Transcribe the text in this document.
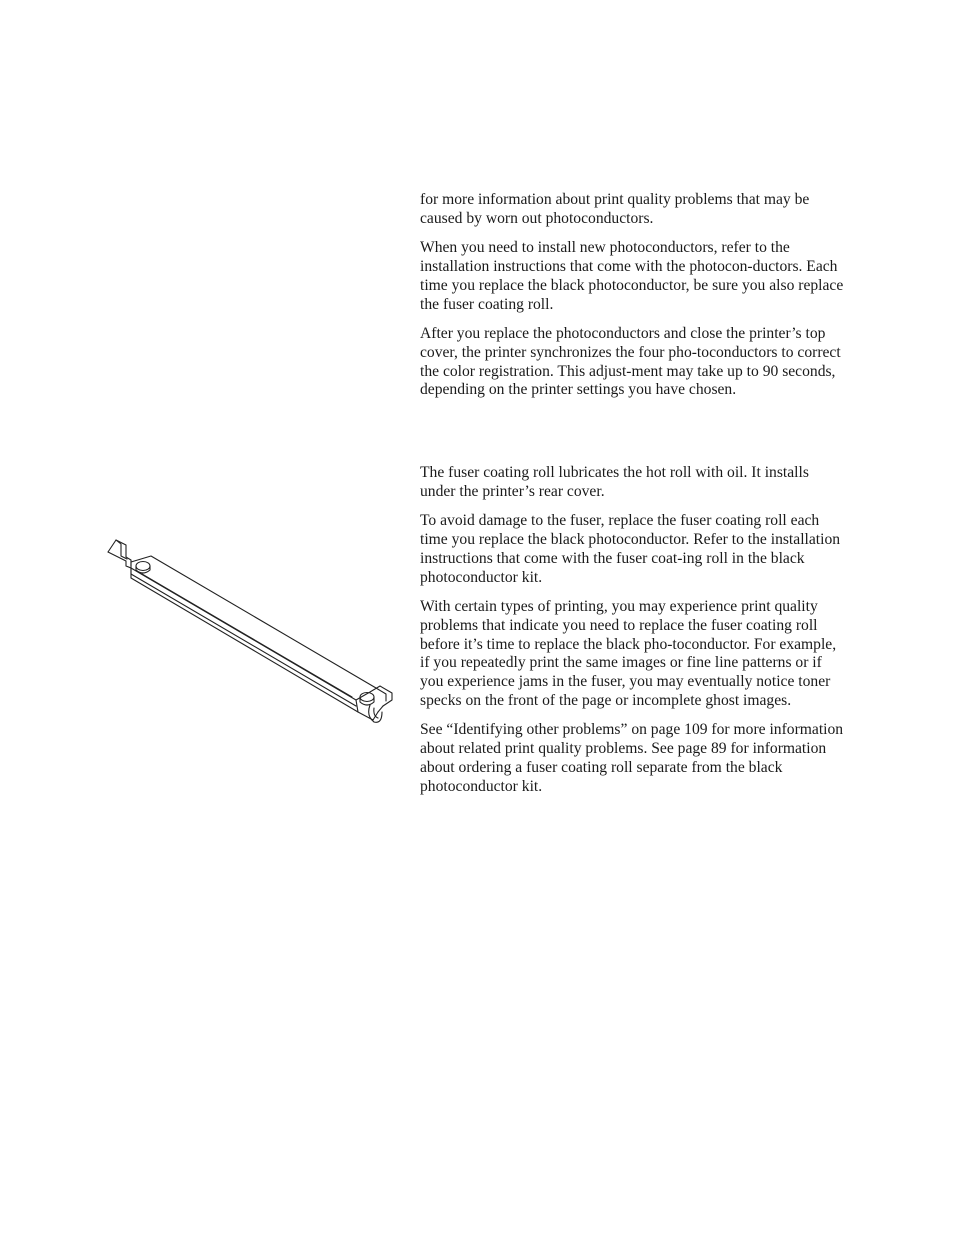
for more information about print quality problems that may be caused by worn out photoconductors.

When you need to install new photoconductors, refer to the installation instructions that come with the photocon-ductors. Each time you replace the black photoconductor, be sure you also replace the fuser coating roll.

After you replace the photoconductors and close the printer’s top cover, the printer synchronizes the four pho-toconductors to correct the color registration. This adjust-ment may take up to 90 seconds, depending on the printer settings you have chosen.

The fuser coating roll lubricates the hot roll with oil. It installs under the printer’s rear cover.

To avoid damage to the fuser, replace the fuser coating roll each time you replace the black photoconductor. Refer to the installation instructions that come with the fuser coat-ing roll in the black photoconductor kit.

With certain types of printing, you may experience print quality problems that indicate you need to replace the fuser coating roll before it’s time to replace the black pho-toconductor. For example, if you repeatedly print the same images or fine line patterns or if you experience jams in the fuser, you may eventually notice toner specks on the front of the page or incomplete ghost images.

See “Identifying other problems” on page 109 for more information about related print quality problems. See page 89 for information about ordering a fuser coating roll separate from the black photoconductor kit.
